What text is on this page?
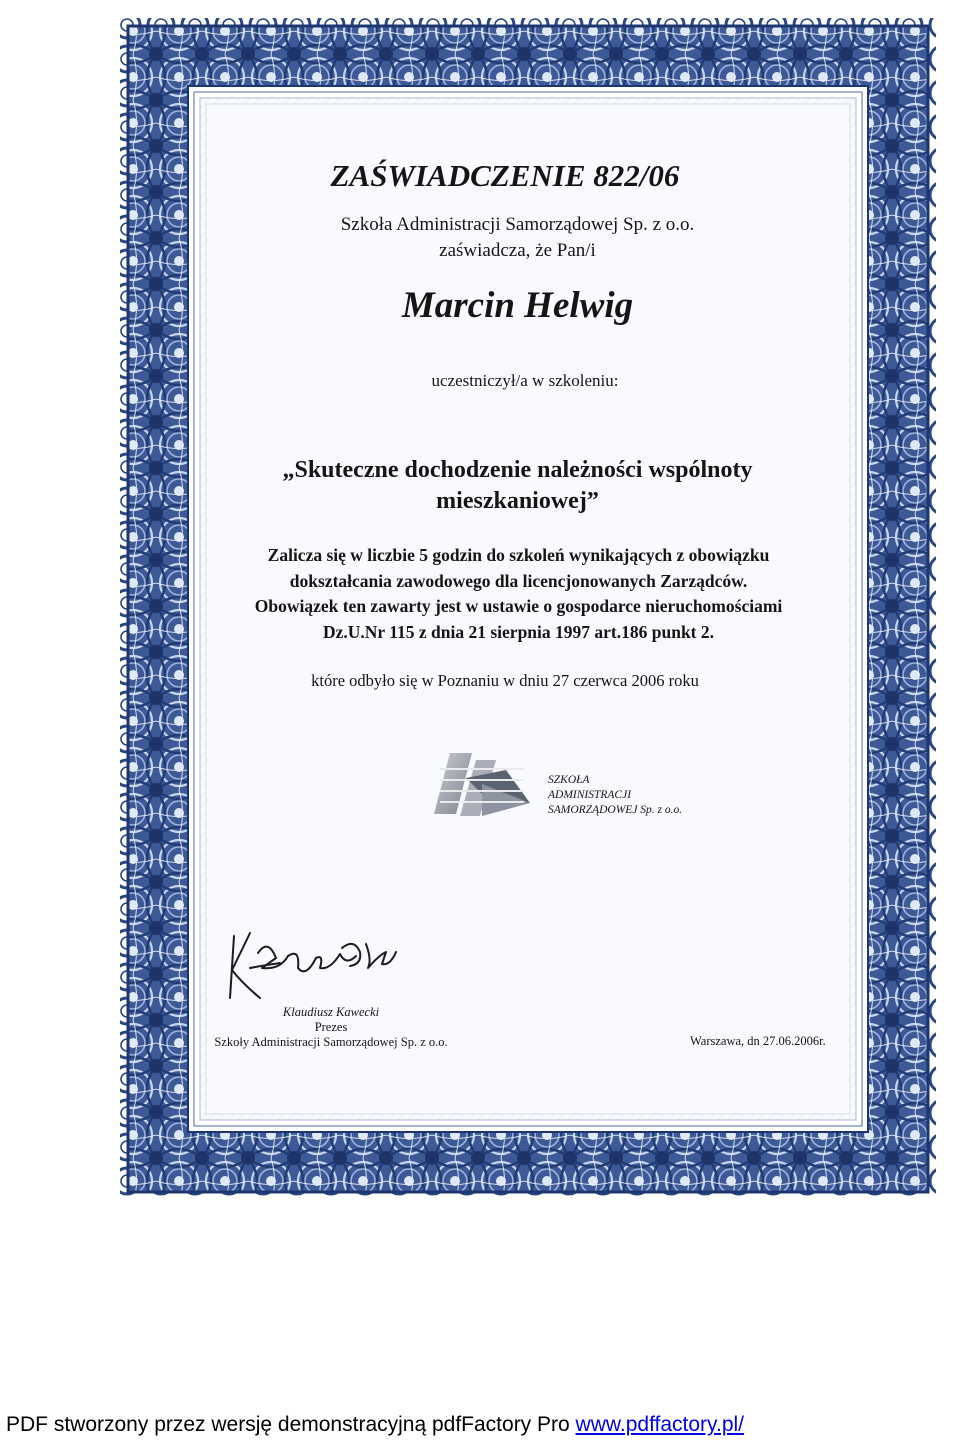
ZAŚWIADCZENIE 822/06

Szkoła Administracji Samorządowej Sp. z o.o.

zaświadcza, że Pan/i

Marcin Helwig

uczestniczył/a w szkoleniu:

„Skuteczne dochodzenie należności wspólnoty
mieszkaniowej”
Zalicza się w liczbie 5 godzin do szkoleń wynikających z obowiązku
dokształcania zawodowego dla licencjonowanych Zarządców.
Obowiązek ten zawarty jest w ustawie o gospodarce nieruchomościami
Dz.U.Nr 115 z dnia 21 sierpnia 1997 art.186 punkt 2.

które odbyło się w Poznaniu w dniu 27 czerwca 2006 roku

SZKOŁA
ADMINISTRACJI
SAMORZĄDOWEJ Sp. z o.o.
Klaudiusz Kawecki
Prezes
Szkoły Administracji Samorządowej Sp. z o.o.	Warszawa, dn 27.06.2006r.

PDF stworzony przez wersję demonstracyjną pdfFactory Pro www.pdffactory.pl/
